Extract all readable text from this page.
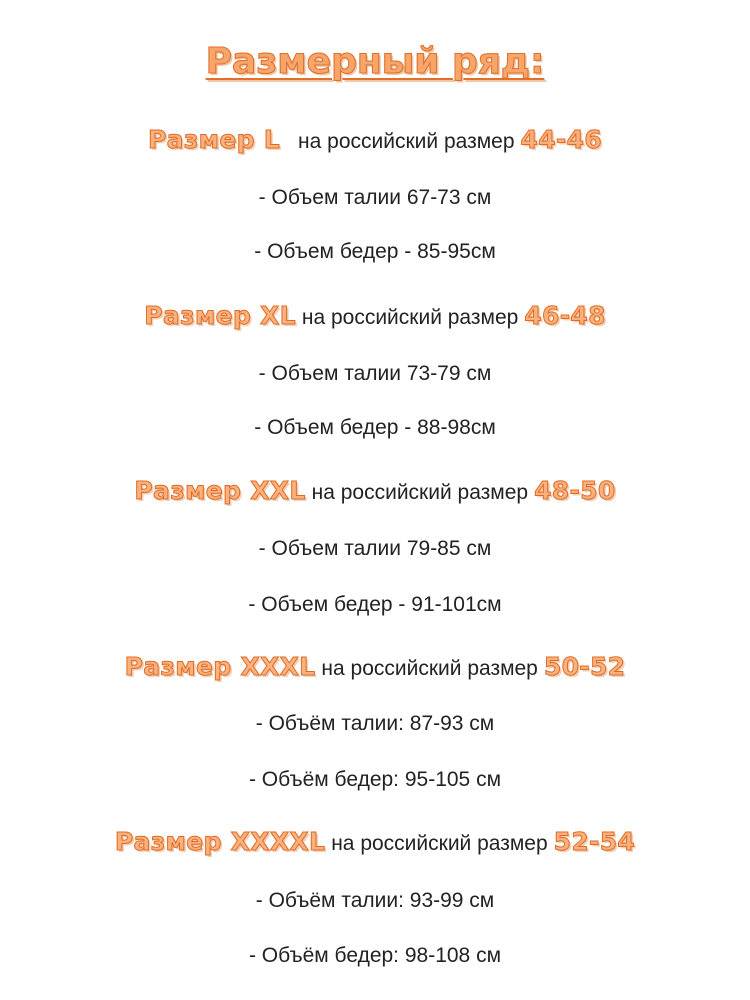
Размерный ряд:
Размер L на российский размер 44-46
- Объем талии 67-73 см
- Объем бедер - 85-95см
Размер XL на российский размер 46-48
- Объем талии 73-79 см
- Объем бедер - 88-98см
Размер XXL на российский размер 48-50
- Объем талии 79-85 см
- Объем бедер - 91-101см
Размер XXXL на российский размер 50-52
- Объём талии: 87-93 см
- Объём бедер: 95-105 см
Размер XXXXL на российский размер 52-54
- Объём талии: 93-99 см
- Объём бедер: 98-108 см
